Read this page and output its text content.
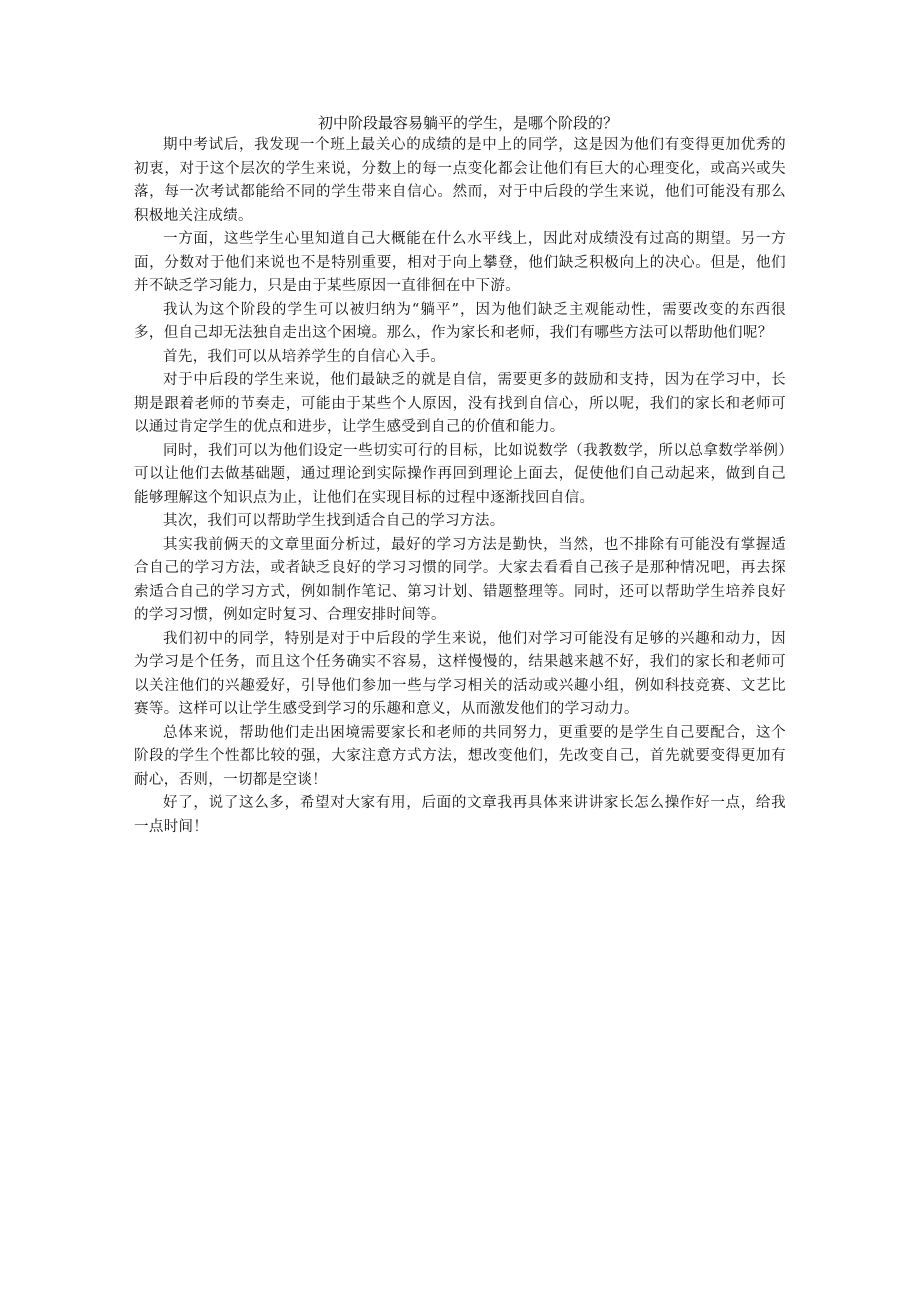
初中阶段最容易躺平的学生，是哪个阶段的？

期中考试后，我发现一个班上最关心的成绩的是中上的同学，这是因为他们有变得更加优秀的初衷，对于这个层次的学生来说，分数上的每一点变化都会让他们有巨大的心理变化，或高兴或失落，每一次考试都能给不同的学生带来自信心。然而，对于中后段的学生来说，他们可能没有那么积极地关注成绩。

一方面，这些学生心里知道自己大概能在什么水平线上，因此对成绩没有过高的期望。另一方面，分数对于他们来说也不是特别重要，相对于向上攀登，他们缺乏积极向上的决心。但是，他们并不缺乏学习能力，只是由于某些原因一直徘徊在中下游。

我认为这个阶段的学生可以被归纳为“躺平”，因为他们缺乏主观能动性，需要改变的东西很多，但自己却无法独自走出这个困境。那么，作为家长和老师，我们有哪些方法可以帮助他们呢？

首先，我们可以从培养学生的自信心入手。

对于中后段的学生来说，他们最缺乏的就是自信，需要更多的鼓励和支持，因为在学习中，长期是跟着老师的节奏走，可能由于某些个人原因，没有找到自信心，所以呢，我们的家长和老师可以通过肯定学生的优点和进步，让学生感受到自己的价值和能力。

同时，我们可以为他们设定一些切实可行的目标，比如说数学（我教数学，所以总拿数学举例）可以让他们去做基础题，通过理论到实际操作再回到理论上面去，促使他们自己动起来，做到自己能够理解这个知识点为止，让他们在实现目标的过程中逐渐找回自信。

其次，我们可以帮助学生找到适合自己的学习方法。

其实我前俩天的文章里面分析过，最好的学习方法是勤快，当然，也不排除有可能没有掌握适合自己的学习方法，或者缺乏良好的学习习惯的同学。大家去看看自己孩子是那种情况吧，再去探索适合自己的学习方式，例如制作笔记、第习计划、错题整理等。同时，还可以帮助学生培养良好的学习习惯，例如定时复习、合理安排时间等。

我们初中的同学，特别是对于中后段的学生来说，他们对学习可能没有足够的兴趣和动力，因为学习是个任务，而且这个任务确实不容易，这样慢慢的，结果越来越不好，我们的家长和老师可以关注他们的兴趣爱好，引导他们参加一些与学习相关的活动或兴趣小组，例如科技竞赛、文艺比赛等。这样可以让学生感受到学习的乐趣和意义，从而激发他们的学习动力。

总体来说，帮助他们走出困境需要家长和老师的共同努力，更重要的是学生自己要配合，这个阶段的学生个性都比较的强，大家注意方式方法，想改变他们，先改变自己，首先就要变得更加有耐心，否则，一切都是空谈！

好了，说了这么多，希望对大家有用，后面的文章我再具体来讲讲家长怎么操作好一点，给我一点时间！
